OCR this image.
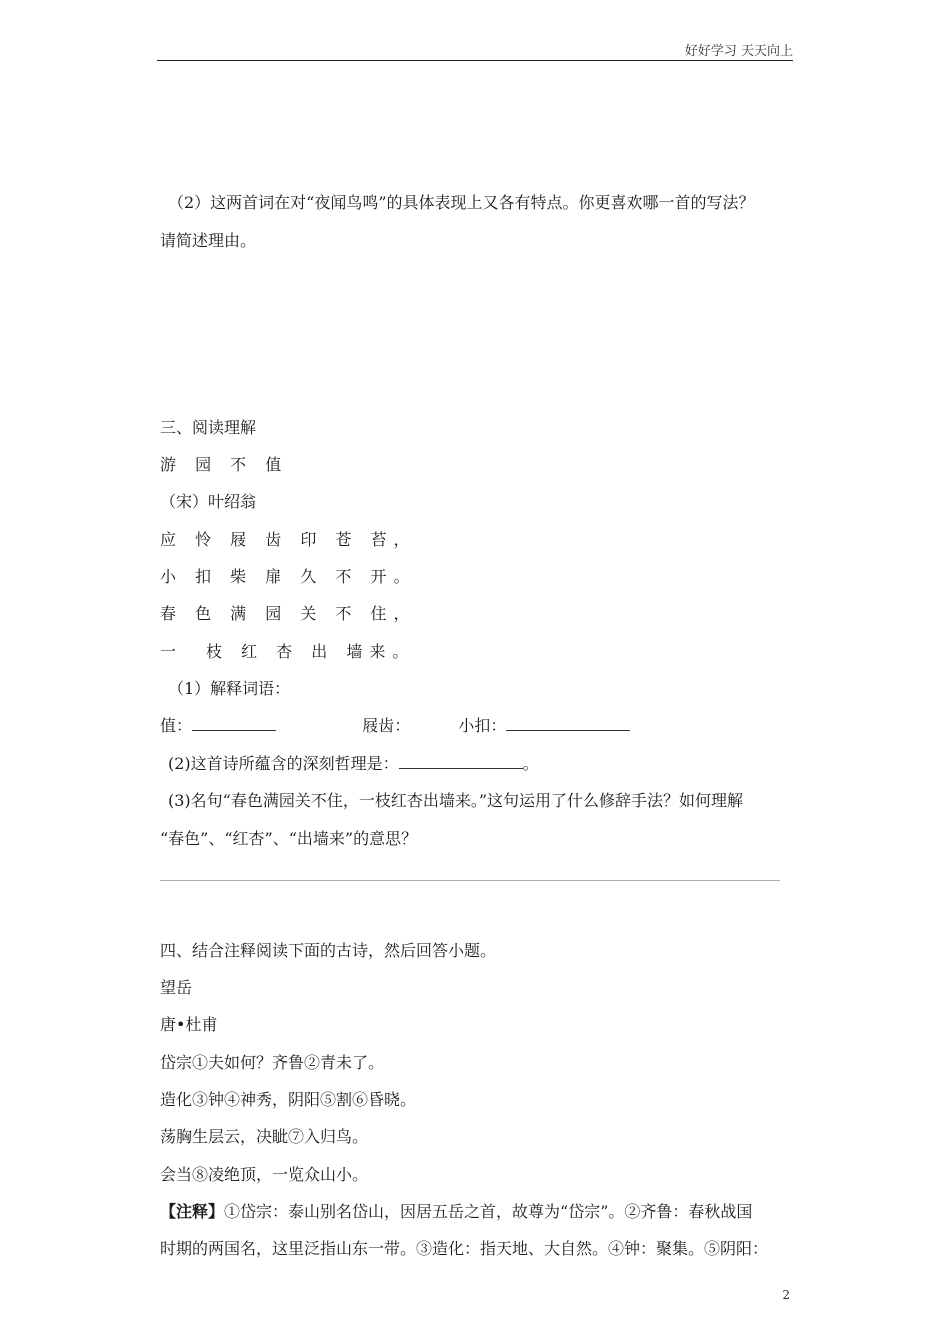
好好学习 天天向上
（2）这两首词在对“夜闻鸟鸣”的具体表现上又各有特点。你更喜欢哪一首的写法？
请简述理由。
三、阅读理解
游 园 不 值
（宋）叶绍翁
应 怜 屐 齿 印 苍 苔，
小 扣 柴 扉 久 不 开。
春 色 满 园 关 不 住，
一　枝 红 杏 出 墙来。
（1）解释词语：
值：	屐齿：	小扣：
(2)这首诗所蕴含的深刻哲理是：	。
(3)名句“春色满园关不住，一枝红杏出墙来。”这句运用了什么修辞手法？如何理解
“春色”、“红杏”、“出墙来”的意思？
四、结合注释阅读下面的古诗，然后回答小题。
望岳
唐•杜甫
岱宗①夫如何？齐鲁②青未了。
造化③钟④神秀，阴阳⑤割⑥昏晓。
荡胸生层云，决眦⑦入归鸟。
会当⑧凌绝顶，一览众山小。
【注释】①岱宗：泰山别名岱山，因居五岳之首，故尊为“岱宗”。②齐鲁：春秋战国
时期的两国名，这里泛指山东一带。③造化：指天地、大自然。④钟：聚集。⑤阴阳：
2
